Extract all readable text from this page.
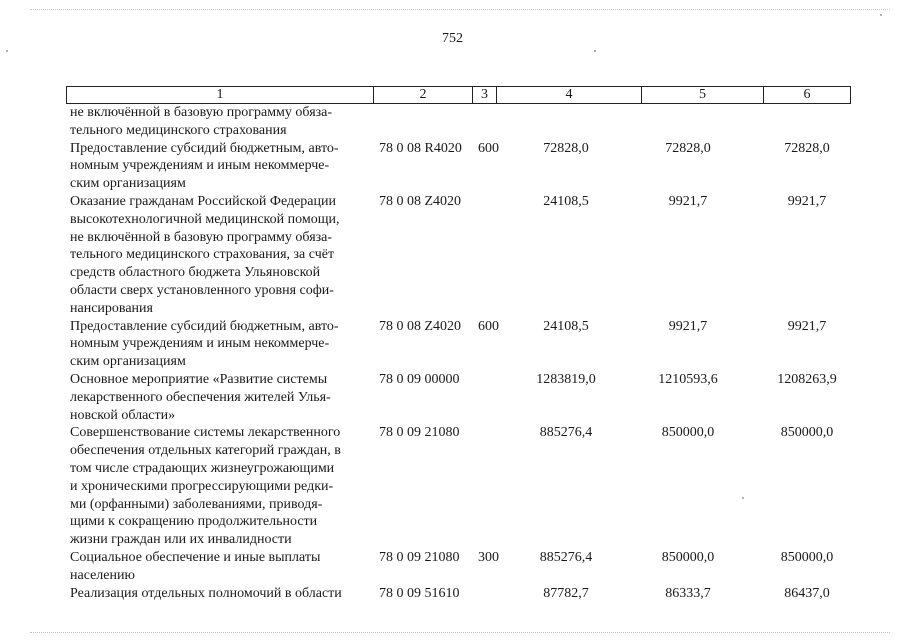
752
1	2	3	4	5	6
не включённой в базовую программу обяза-
тельного медицинского страхования
Предоставление субсидий бюджетным, авто-
номным учреждениям и иным некоммерче-
ским организациям
78 0 08 R4020 600	72828,0	72828,0	72828,0
Оказание гражданам Российской Федерации
высокотехнологичной медицинской помощи,
не включённой в базовую программу обяза-
тельного медицинского страхования, за счёт
средств областного бюджета Ульяновской
области сверх установленного уровня софи-
нансирования
78 0 08 Z4020	24108,5	9921,7	9921,7
Предоставление субсидий бюджетным, авто-
номным учреждениям и иным некоммерче-
ским организациям
78 0 08 Z4020 600	24108,5	9921,7	9921,7
Основное мероприятие «Развитие системы
лекарственного обеспечения жителей Улья-
новской области»
78 0 09 00000	1283819,0	1210593,6	1208263,9
Совершенствование системы лекарственного
обеспечения отдельных категорий граждан, в
том числе страдающих жизнеугрожающими
и хроническими прогрессирующими редки-
ми (орфанными) заболеваниями, приводя-
щими к сокращению продолжительности
жизни граждан или их инвалидности
78 0 09 21080	885276,4	850000,0	850000,0
Социальное обеспечение и иные выплаты
населению
78 0 09 21080 300	885276,4	850000,0	850000,0
Реализация отдельных полномочий в области	78 0 09 51610	87782,7	86333,7	86437,0
